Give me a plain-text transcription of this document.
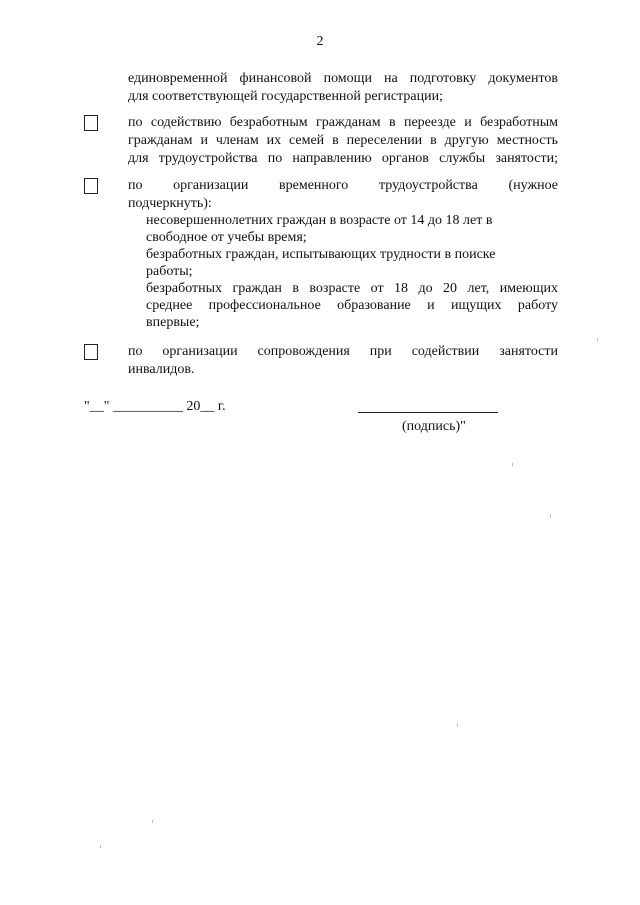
2
единовременной финансовой помощи на подготовку документов
для соответствующей государственной регистрации;
по содействию безработным гражданам в переезде и безработным
гражданам и членам их семей в переселении в другую местность
для трудоустройства по направлению органов службы занятости;
по организации временного трудоустройства (нужное
подчеркнуть):
несовершеннолетних граждан в возрасте от 14 до 18 лет в
свободное от учебы время;
безработных граждан, испытывающих трудности в поиске
работы;
безработных граждан в возрасте от 18 до 20 лет, имеющих
среднее профессиональное образование и ищущих работу
впервые;
по организации сопровождения при содействии занятости
инвалидов.
"__" __________ 20__ г.
(подпись)"
